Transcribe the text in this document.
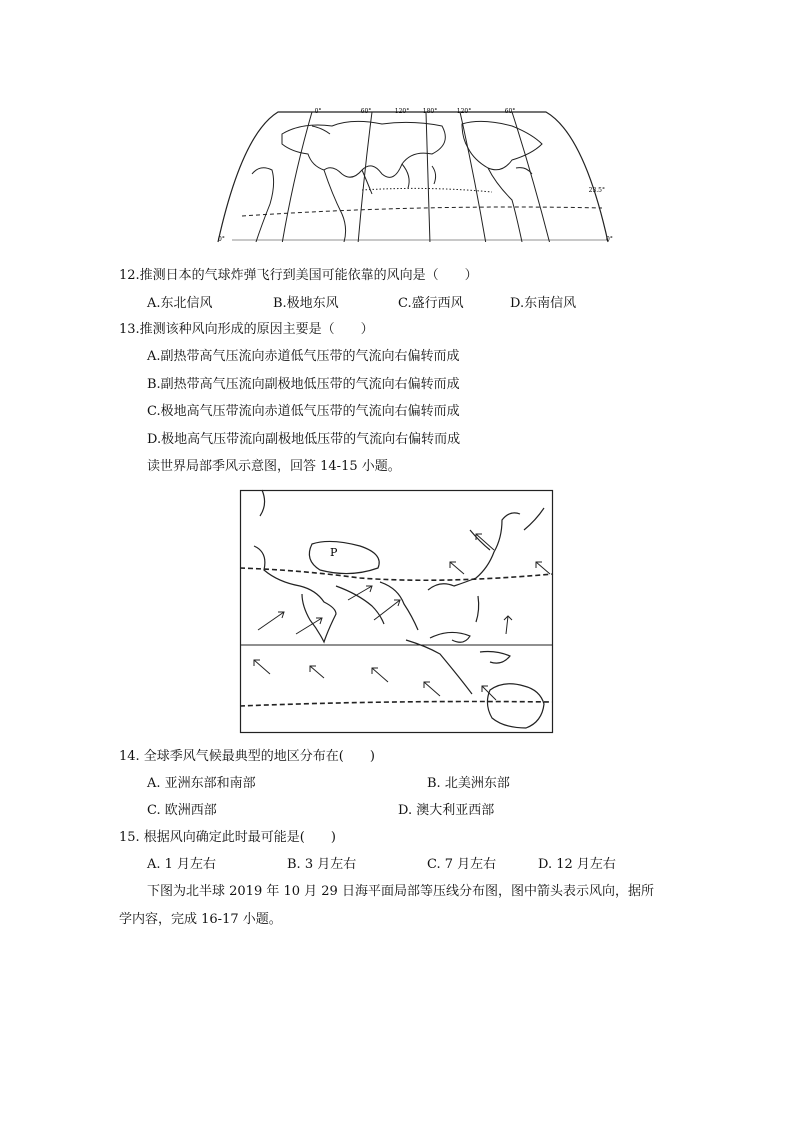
0°	60°	120° 180°	120°	60°
23.5°
0°	0°
12.推测日本的气球炸弹飞行到美国可能依靠的风向是（　　）
A.东北信风	B.极地东风	C.盛行西风	D.东南信风
13.推测该种风向形成的原因主要是（　　）
A.副热带高气压流向赤道低气压带的气流向右偏转而成
B.副热带高气压流向副极地低压带的气流向右偏转而成
C.极地高气压带流向赤道低气压带的气流向右偏转而成
D.极地高气压带流向副极地低压带的气流向右偏转而成
读世界局部季风示意图，回答 14-15 小题。
P
14. 全球季风气候最典型的地区分布在(　　)
A. 亚洲东部和南部	B. 北美洲东部
C. 欧洲西部	D. 澳大利亚西部
15. 根据风向确定此时最可能是(　　)
A. 1 月左右	B. 3 月左右	C. 7 月左右	D. 12 月左右
下图为北半球 2019 年 10 月 29 日海平面局部等压线分布图，图中箭头表示风向，据所
学内容，完成 16-17 小题。
